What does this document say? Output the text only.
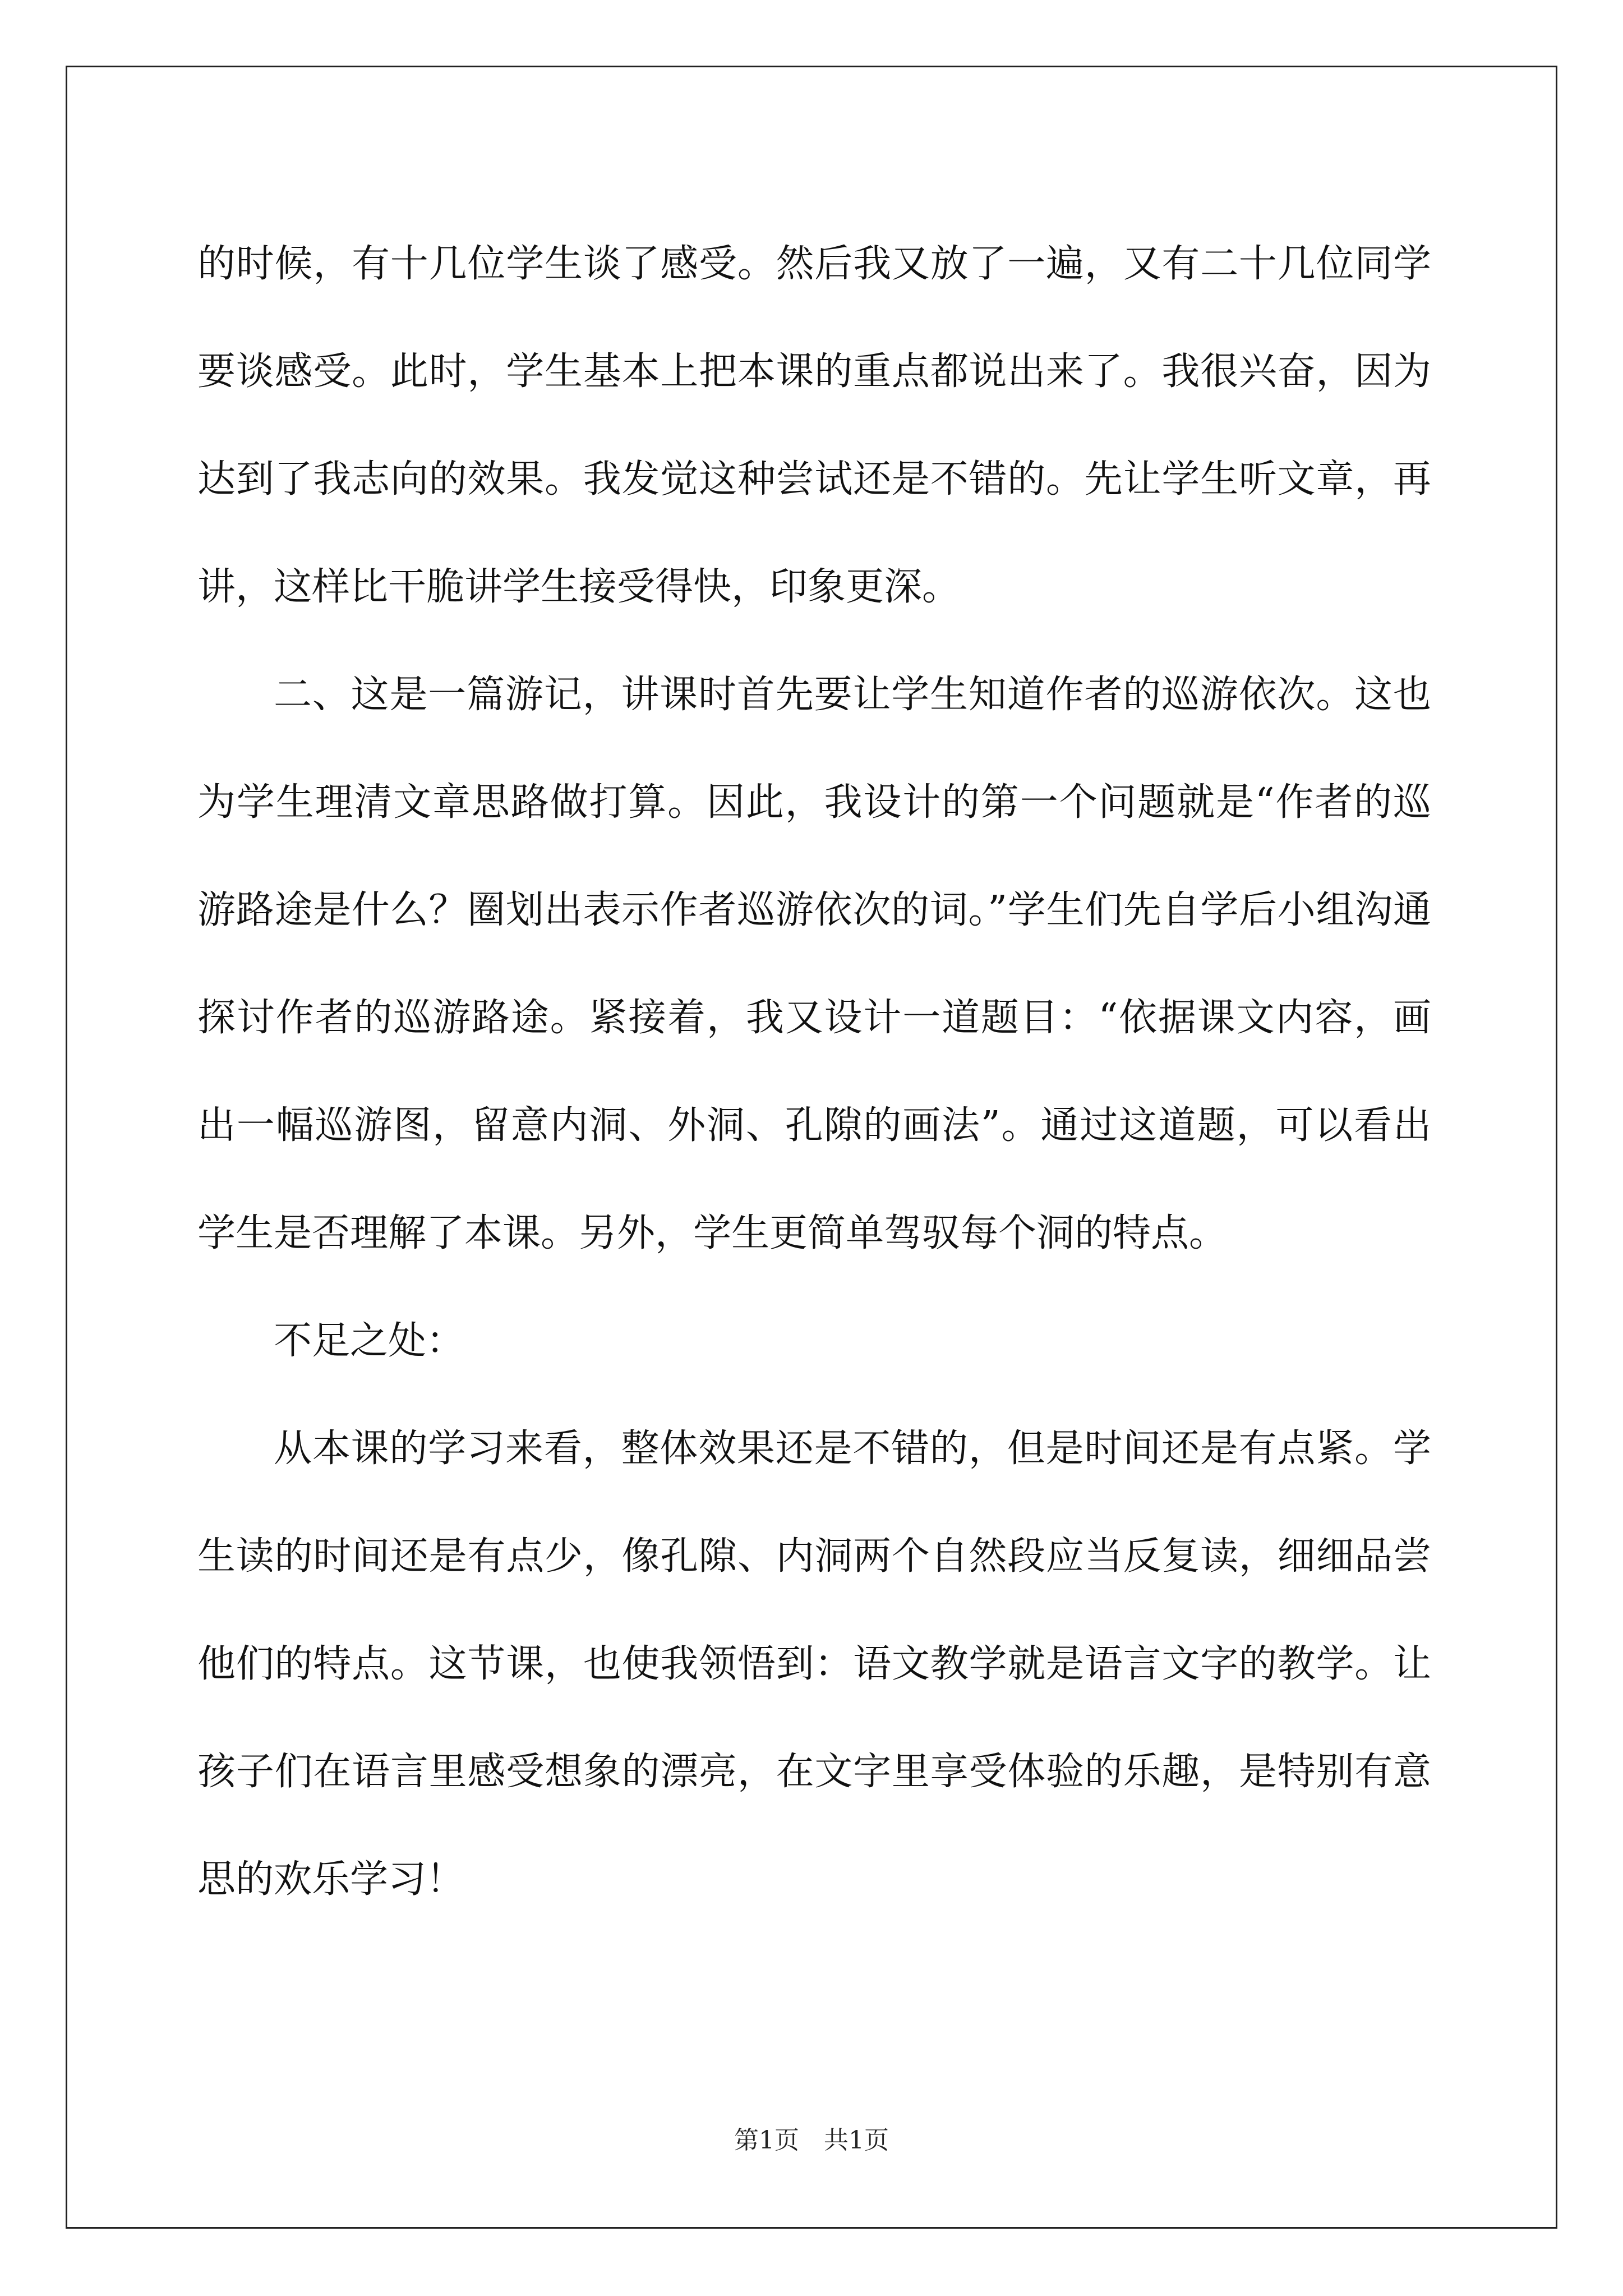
的时候，有十几位学生谈了感受。然后我又放了一遍，又有二十几位同学要谈感受。此时，学生基本上把本课的重点都说出来了。我很兴奋，因为达到了我志向的效果。我发觉这种尝试还是不错的。先让学生听文章，再讲，这样比干脆讲学生接受得快，印象更深。

二、这是一篇游记，讲课时首先要让学生知道作者的巡游依次。这也为学生理清文章思路做打算。因此，我设计的第一个问题就是“作者的巡游路途是什么？圈划出表示作者巡游依次的词。”学生们先自学后小组沟通探讨作者的巡游路途。紧接着，我又设计一道题目：“依据课文内容，画出一幅巡游图，留意内洞、外洞、孔隙的画法”。通过这道题，可以看出学生是否理解了本课。另外，学生更简单驾驭每个洞的特点。

不足之处：

从本课的学习来看，整体效果还是不错的，但是时间还是有点紧。学生读的时间还是有点少，像孔隙、内洞两个自然段应当反复读，细细品尝他们的特点。这节课，也使我领悟到：语文教学就是语言文字的教学。让孩子们在语言里感受想象的漂亮，在文字里享受体验的乐趣，是特别有意思的欢乐学习！

第1页　共1页
